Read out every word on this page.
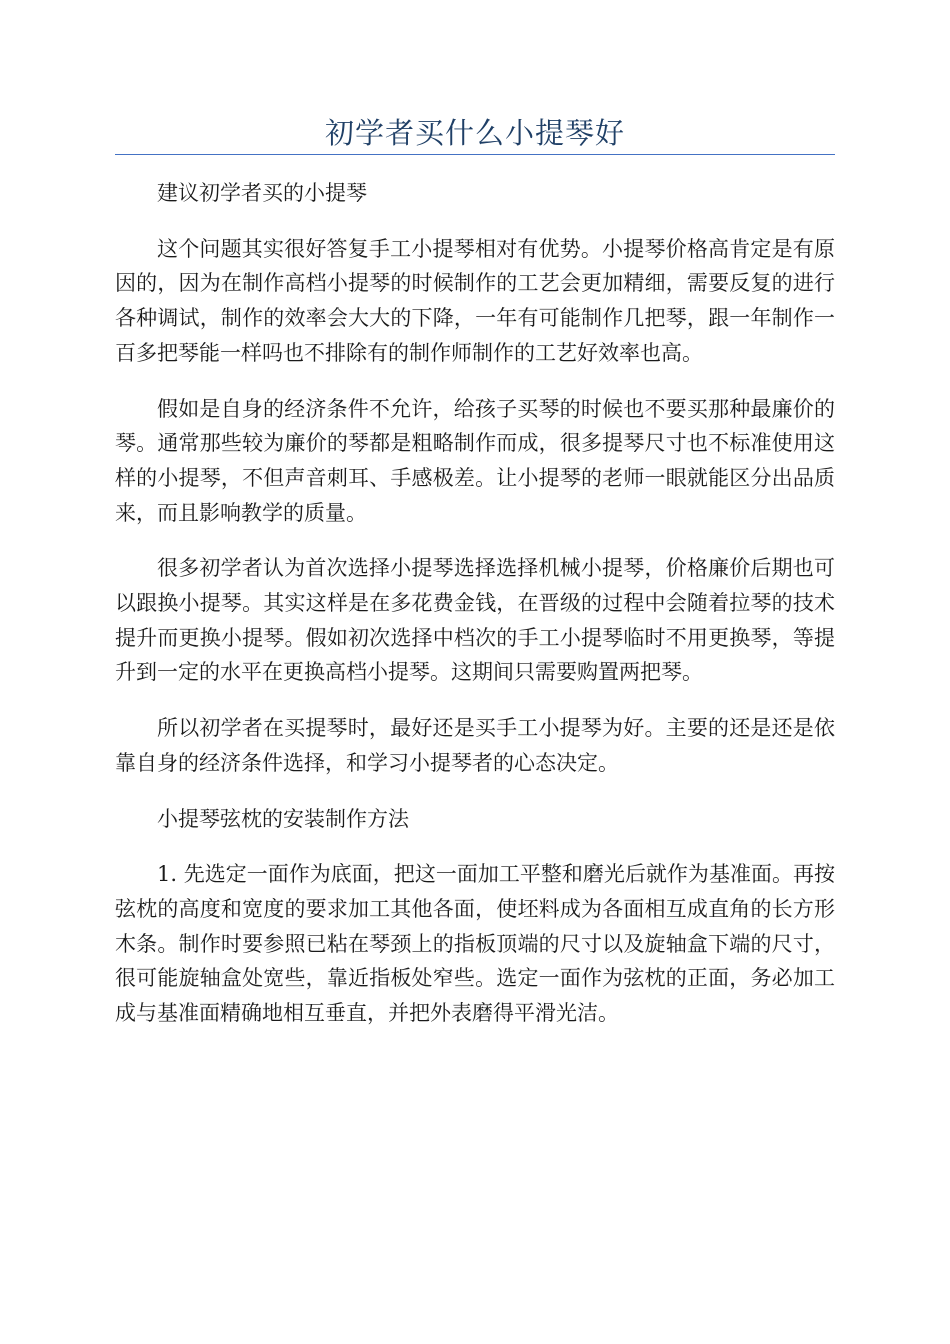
初学者买什么小提琴好

建议初学者买的小提琴

这个问题其实很好答复手工小提琴相对有优势。小提琴价格高肯定是有原因的，因为在制作高档小提琴的时候制作的工艺会更加精细，需要反复的进行各种调试，制作的效率会大大的下降，一年有可能制作几把琴，跟一年制作一百多把琴能一样吗也不排除有的制作师制作的工艺好效率也高。

假如是自身的经济条件不允许，给孩子买琴的时候也不要买那种最廉价的琴。通常那些较为廉价的琴都是粗略制作而成，很多提琴尺寸也不标准使用这样的小提琴，不但声音刺耳、手感极差。让小提琴的老师一眼就能区分出品质来，而且影响教学的质量。

很多初学者认为首次选择小提琴选择选择机械小提琴，价格廉价后期也可以跟换小提琴。其实这样是在多花费金钱，在晋级的过程中会随着拉琴的技术提升而更换小提琴。假如初次选择中档次的手工小提琴临时不用更换琴，等提升到一定的水平在更换高档小提琴。这期间只需要购置两把琴。

所以初学者在买提琴时，最好还是买手工小提琴为好。主要的还是还是依靠自身的经济条件选择，和学习小提琴者的心态决定。

小提琴弦枕的安装制作方法

1. 先选定一面作为底面，把这一面加工平整和磨光后就作为基准面。再按弦枕的高度和宽度的要求加工其他各面，使坯料成为各面相互成直角的长方形木条。制作时要参照已粘在琴颈上的指板顶端的尺寸以及旋轴盒下端的尺寸，很可能旋轴盒处宽些，靠近指板处窄些。选定一面作为弦枕的正面，务必加工成与基准面精确地相互垂直，并把外表磨得平滑光洁。
